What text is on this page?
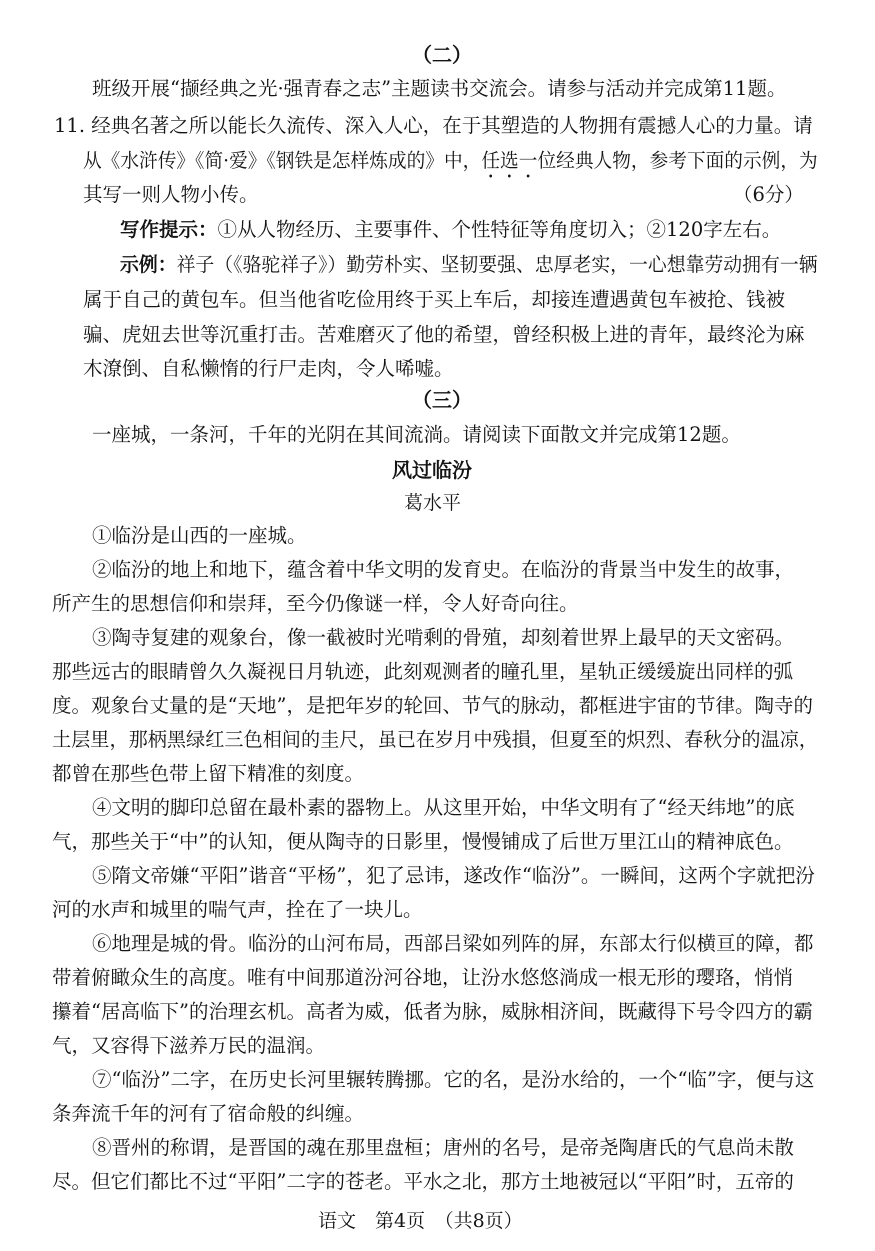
（二）
班级开展“撷经典之光·强青春之志”主题读书交流会。请参与活动并完成第11题。
11. 经典名著之所以能长久流传、深入人心，在于其塑造的人物拥有震撼人心的力量。请
从《水浒传》《简·爱》《钢铁是怎样炼成的》中，任选一位经典人物，参考下面的示例，为
其写一则人物小传。	（6分）
写作提示：①从人物经历、主要事件、个性特征等角度切入；②120字左右。
示例：祥子（《骆驼祥子》）勤劳朴实、坚韧要强、忠厚老实，一心想靠劳动拥有一辆
属于自己的黄包车。但当他省吃俭用终于买上车后，却接连遭遇黄包车被抢、钱被
骗、虎妞去世等沉重打击。苦难磨灭了他的希望，曾经积极上进的青年，最终沦为麻
木潦倒、自私懒惰的行尸走肉，令人唏嘘。
（三）
一座城，一条河，千年的光阴在其间流淌。请阅读下面散文并完成第12题。
风过临汾
葛水平
①临汾是山西的一座城。
②临汾的地上和地下，蕴含着中华文明的发育史。在临汾的背景当中发生的故事，
所产生的思想信仰和崇拜，至今仍像谜一样，令人好奇向往。
③陶寺复建的观象台，像一截被时光啃剩的骨殖，却刻着世界上最早的天文密码。
那些远古的眼睛曾久久凝视日月轨迹，此刻观测者的瞳孔里，星轨正缓缓旋出同样的弧
度。观象台丈量的是“天地”，是把年岁的轮回、节气的脉动，都框进宇宙的节律。陶寺的
土层里，那柄黑绿红三色相间的圭尺，虽已在岁月中残損，但夏至的炽烈、春秋分的温凉，
都曾在那些色带上留下精准的刻度。
④文明的脚印总留在最朴素的器物上。从这里开始，中华文明有了“经天纬地”的底
气，那些关于“中”的认知，便从陶寺的日影里，慢慢铺成了后世万里江山的精神底色。
⑤隋文帝嫌“平阳”谐音“平杨”，犯了忌讳，遂改作“临汾”。一瞬间，这两个字就把汾
河的水声和城里的喘气声，拴在了一块儿。
⑥地理是城的骨。临汾的山河布局，西部吕梁如列阵的屏，东部太行似横亘的障，都
带着俯瞰众生的高度。唯有中间那道汾河谷地，让汾水悠悠淌成一根无形的璎珞，悄悄
攥着“居高临下”的治理玄机。高者为威，低者为脉，威脉相济间，既藏得下号令四方的霸
气，又容得下滋养万民的温润。
⑦“临汾”二字，在历史长河里辗转腾挪。它的名，是汾水给的，一个“临”字，便与这
条奔流千年的河有了宿命般的纠缠。
⑧晋州的称谓，是晋国的魂在那里盘桓；唐州的名号，是帝尧陶唐氏的气息尚未散
尽。但它们都比不过“平阳”二字的苍老。平水之北，那方土地被冠以“平阳”时，五帝的
语文　第4页　（共8页）
